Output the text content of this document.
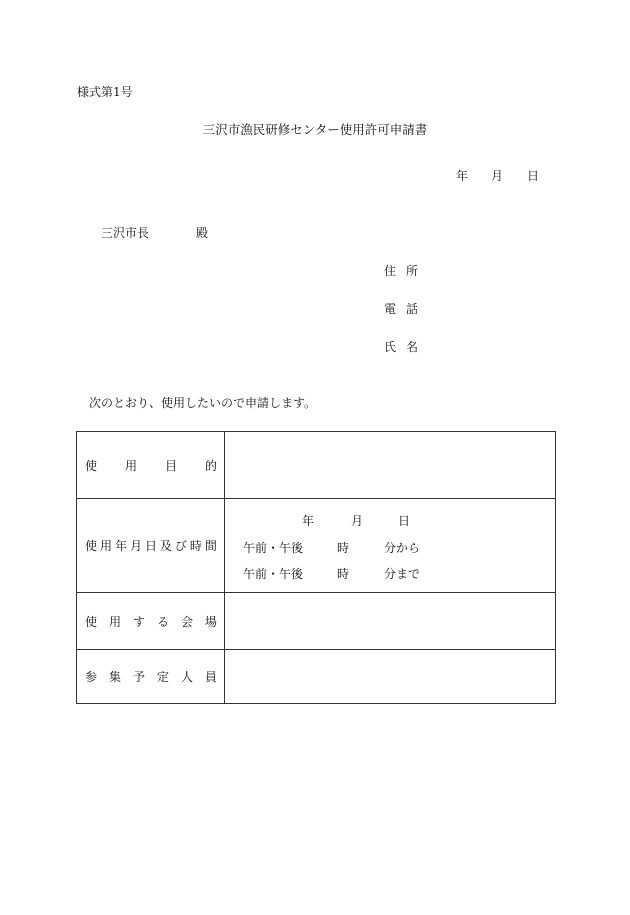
様式第1号
三沢市漁民研修センター使用許可申請書
年 月 日
三沢市長	殿
住 所
電 話
氏 名
次のとおり、使用したいので申請します。
使 用 目 的
使 用 年 月 日 及 び 時 間
年	月	日
午前・午後	時	分から
午前・午後	時	分まで
使 用 す る 会 場
参 集 予 定 人 員
